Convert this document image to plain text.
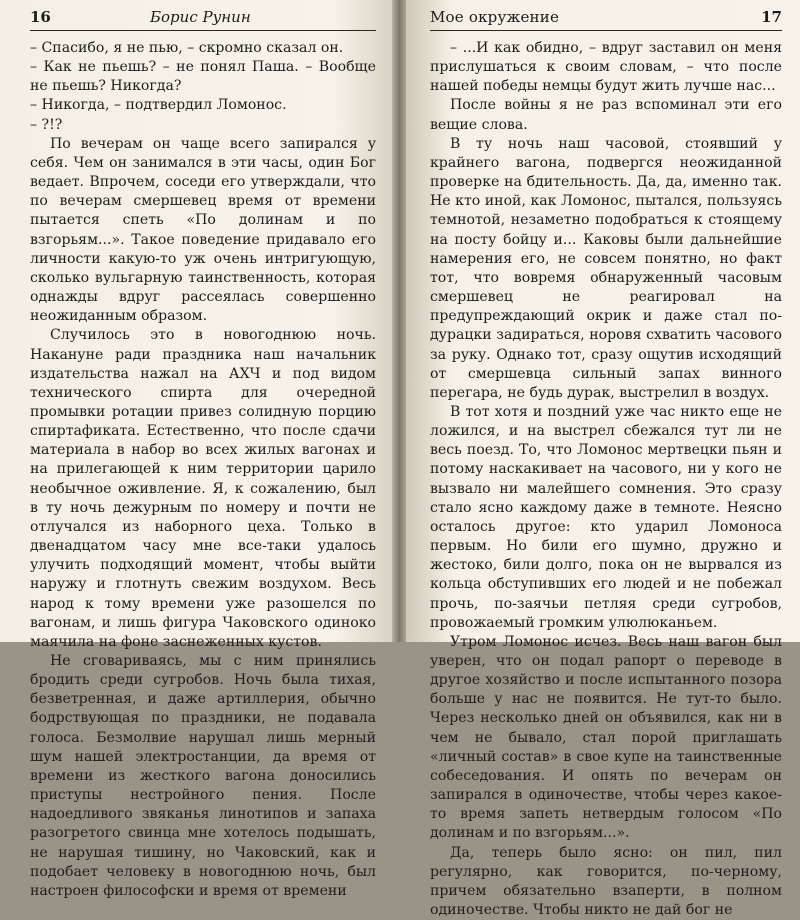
16	Борис Рунин

– Спасибо, я не пью, – скромно сказал он.

– Как не пьешь? – не понял Паша. – Вообще не пьешь? Никогда?

– Никогда, – подтвердил Ломонос.

– ?!?

По вечерам он чаще всего запирался у себя. Чем он занимался в эти часы, один Бог ведает. Впрочем, соседи его утверждали, что по вечерам смершевец время от времени пытается спеть «По долинам и по взгорьям...». Такое поведение придавало его личности какую-то уж очень интригующую, сколько вульгарную таинственность, которая однажды вдруг рассеялась совершенно неожиданным образом.

Случилось это в новогоднюю ночь. Накануне ради праздника наш начальник издательства нажал на АХЧ и под видом технического спирта для очередной промывки ротации привез солидную порцию спиртафиката. Естественно, что после сдачи материала в набор во всех жилых вагонах и на прилегающей к ним территории царило необычное оживление. Я, к сожалению, был в ту ночь дежурным по номеру и почти не отлучался из наборного цеха. Только в двенадцатом часу мне все-таки удалось улучить подходящий момент, чтобы выйти наружу и глотнуть свежим воздухом. Весь народ к тому времени уже разошелся по вагонам, и лишь фигура Чаковского одиноко маячила на фоне заснеженных кустов.

Не сговариваясь, мы с ним принялись бродить среди сугробов. Ночь была тихая, безветренная, и даже артиллерия, обычно бодрствующая по праздники, не подавала голоса. Безмолвие нарушал лишь мерный шум нашей электростанции, да время от времени из жесткого вагона доносились приступы нестройного пения. После надоедливого звяканья линотипов и запаха разогретого свинца мне хотелось подышать, не нарушая тишину, но Чаковский, как и подобает человеку в новогоднюю ночь, был настроен философски и время от времени

Мое окружение	17

– ...И как обидно, – вдруг заставил он меня прислушаться к своим словам, – что после нашей победы немцы будут жить лучше нас...

После войны я не раз вспоминал эти его вещие слова.

В ту ночь наш часовой, стоявший у крайнего вагона, подвергся неожиданной проверке на бдительность. Да, да, именно так. Не кто иной, как Ломонос, пытался, пользуясь темнотой, незаметно подобраться к стоящему на посту бойцу и... Каковы были дальнейшие намерения его, не совсем понятно, но факт тот, что вовремя обнаруженный часовым смершевец не реагировал на предупреждающий окрик и даже стал по-дурацки задираться, норовя схватить часового за руку. Однако тот, сразу ощутив исходящий от смершевца сильный запах винного перегара, не будь дурак, выстрелил в воздух.

В тот хотя и поздний уже час никто еще не ложился, и на выстрел сбежался тут ли не весь поезд. То, что Ломонос мертвецки пьян и потому наскакивает на часового, ни у кого не вызвало ни малейшего сомнения. Это сразу стало ясно каждому даже в темноте. Неясно осталось другое: кто ударил Ломоноса первым. Но били его шумно, дружно и жестоко, били долго, пока он не вырвался из кольца обступивших его людей и не побежал прочь, по-заячьи петляя среди сугробов, провожаемый громким улюлюканьем.

Утром Ломонос исчез. Весь наш вагон был уверен, что он подал рапорт о переводе в другое хозяйство и после испытанного позора больше у нас не появится. Не тут-то было. Через несколько дней он объявился, как ни в чем не бывало, стал порой приглашать «личный состав» в свое купе на таинственные собеседования. И опять по вечерам он запирался в одиночестве, чтобы через какое-то время запеть нетвердым голосом «По долинам и по взгорьям...».

Да, теперь было ясно: он пил, пил регулярно, как говорится, по-черному, причем обязательно взаперти, в полном одиночестве. Чтобы никто не дай бог не
